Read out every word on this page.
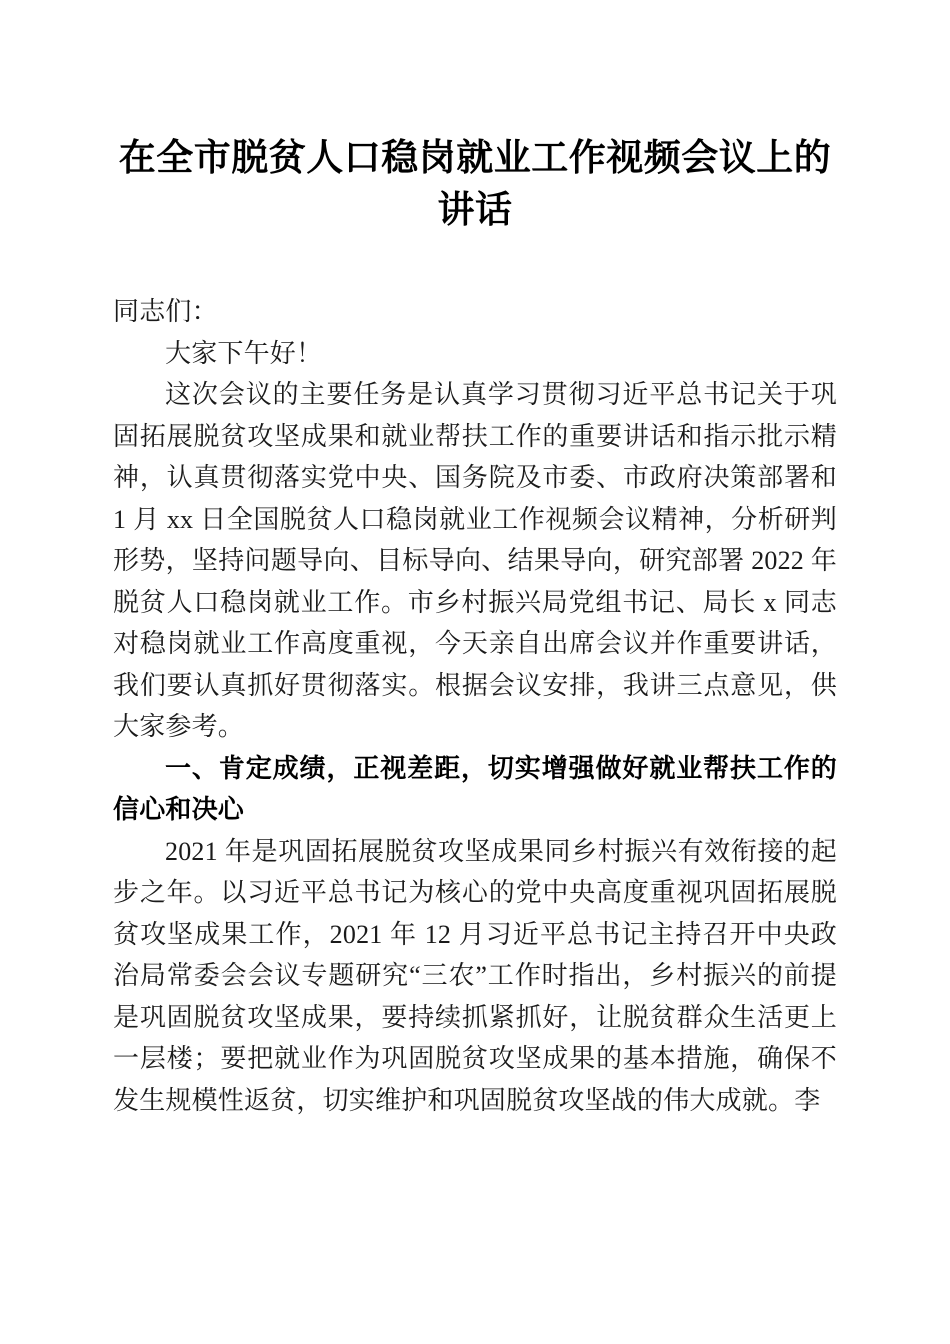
在全市脱贫人口稳岗就业工作视频会议上的讲话

同志们：

大家下午好！

这次会议的主要任务是认真学习贯彻习近平总书记关于巩固拓展脱贫攻坚成果和就业帮扶工作的重要讲话和指示批示精神，认真贯彻落实党中央、国务院及市委、市政府决策部署和 1 月 xx 日全国脱贫人口稳岗就业工作视频会议精神，分析研判形势，坚持问题导向、目标导向、结果导向，研究部署 2022 年脱贫人口稳岗就业工作。市乡村振兴局党组书记、局长 x 同志对稳岗就业工作高度重视，今天亲自出席会议并作重要讲话，我们要认真抓好贯彻落实。根据会议安排，我讲三点意见，供大家参考。

一、肯定成绩，正视差距，切实增强做好就业帮扶工作的信心和决心

2021 年是巩固拓展脱贫攻坚成果同乡村振兴有效衔接的起步之年。以习近平总书记为核心的党中央高度重视巩固拓展脱贫攻坚成果工作，2021 年 12 月习近平总书记主持召开中央政治局常委会会议专题研究“三农”工作时指出，乡村振兴的前提是巩固脱贫攻坚成果，要持续抓紧抓好，让脱贫群众生活更上一层楼；要把就业作为巩固脱贫攻坚成果的基本措施，确保不发生规模性返贫，切实维护和巩固脱贫攻坚战的伟大成就。李
